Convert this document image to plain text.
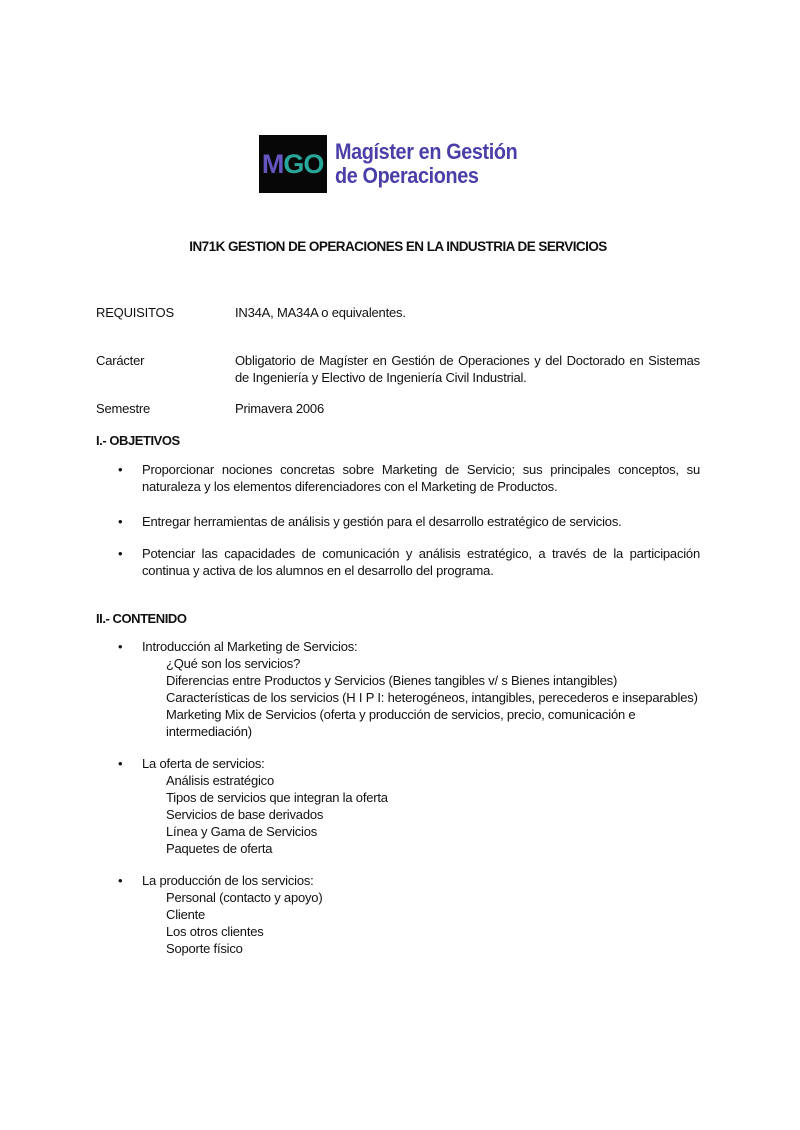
M GO Magíster en Gestión
de Operaciones
IN71K GESTION DE OPERACIONES EN LA INDUSTRIA DE SERVICIOS
REQUISITOS	IN34A, MA34A o equivalentes.
Carácter	Obligatorio de Magíster en Gestión de Operaciones y del Doctorado en Sistemas de Ingeniería y Electivo de Ingeniería Civil Industrial.
Semestre	Primavera 2006
I.- OBJETIVOS
•
Proporcionar nociones concretas sobre Marketing de Servicio; sus principales conceptos, su naturaleza y los elementos diferenciadores con el Marketing de Productos.
•
Entregar herramientas de análisis y gestión para el desarrollo estratégico de servicios.
•
Potenciar las capacidades de comunicación y análisis estratégico, a través de la participación continua y activa de los alumnos en el desarrollo del programa.
II.- CONTENIDO
•
Introducción al Marketing de Servicios:
¿Qué son los servicios?
Diferencias entre Productos y Servicios (Bienes tangibles v/ s Bienes intangibles)
Características de los servicios (H I P I: heterogéneos, intangibles, perecederos e inseparables)
Marketing Mix de Servicios (oferta y producción de servicios, precio, comunicación e intermediación)
•
La oferta de servicios:
Análisis estratégico
Tipos de servicios que integran la oferta
Servicios de base derivados
Línea y Gama de Servicios
Paquetes de oferta
•
La producción de los servicios:
Personal (contacto y apoyo)
Cliente
Los otros clientes
Soporte físico
